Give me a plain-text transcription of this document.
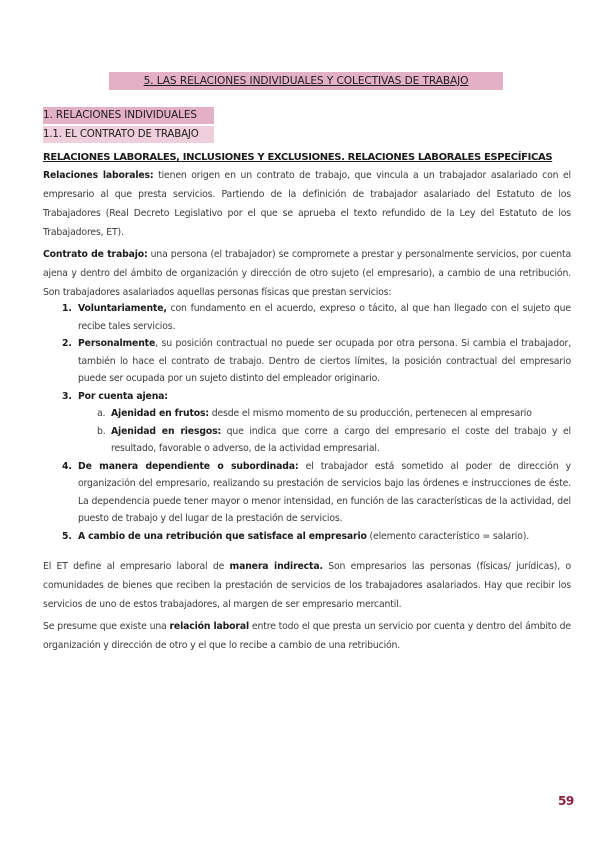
5. LAS RELACIONES INDIVIDUALES Y COLECTIVAS DE TRABAJO
1. RELACIONES INDIVIDUALES
1.1. EL CONTRATO DE TRABAJO
RELACIONES LABORALES, INCLUSIONES Y EXCLUSIONES. RELACIONES LABORALES ESPECÍFICAS
Relaciones laborales: tienen origen en un contrato de trabajo, que vincula a un trabajador asalariado con el empresario al que presta servicios. Partiendo de la definición de trabajador asalariado del Estatuto de los Trabajadores (Real Decreto Legislativo por el que se aprueba el texto refundido de la Ley del Estatuto de los Trabajadores, ET).
Contrato de trabajo: una persona (el trabajador) se compromete a prestar y personalmente servicios, por cuenta ajena y dentro del ámbito de organización y dirección de otro sujeto (el empresario), a cambio de una retribución. Son trabajadores asalariados aquellas personas físicas que prestan servicios:
1. Voluntariamente, con fundamento en el acuerdo, expreso o tácito, al que han llegado con el sujeto que recibe tales servicios.
2. Personalmente, su posición contractual no puede ser ocupada por otra persona. Si cambia el trabajador, también lo hace el contrato de trabajo. Dentro de ciertos límites, la posición contractual del empresario puede ser ocupada por un sujeto distinto del empleador originario.
3. Por cuenta ajena:
a. Ajenidad en frutos: desde el mismo momento de su producción, pertenecen al empresario
b. Ajenidad en riesgos: que indica que corre a cargo del empresario el coste del trabajo y el resultado, favorable o adverso, de la actividad empresarial.
4. De manera dependiente o subordinada: el trabajador está sometido al poder de dirección y organización del empresario, realizando su prestación de servicios bajo las órdenes e instrucciones de éste. La dependencia puede tener mayor o menor intensidad, en función de las características de la actividad, del puesto de trabajo y del lugar de la prestación de servicios.
5. A cambio de una retribución que satisface al empresario (elemento característico = salario).
El ET define al empresario laboral de manera indirecta. Son empresarios las personas (físicas/ jurídicas), o comunidades de bienes que reciben la prestación de servicios de los trabajadores asalariados. Hay que recibir los servicios de uno de estos trabajadores, al margen de ser empresario mercantil.
Se presume que existe una relación laboral entre todo el que presta un servicio por cuenta y dentro del ámbito de organización y dirección de otro y el que lo recibe a cambio de una retribución.
59
